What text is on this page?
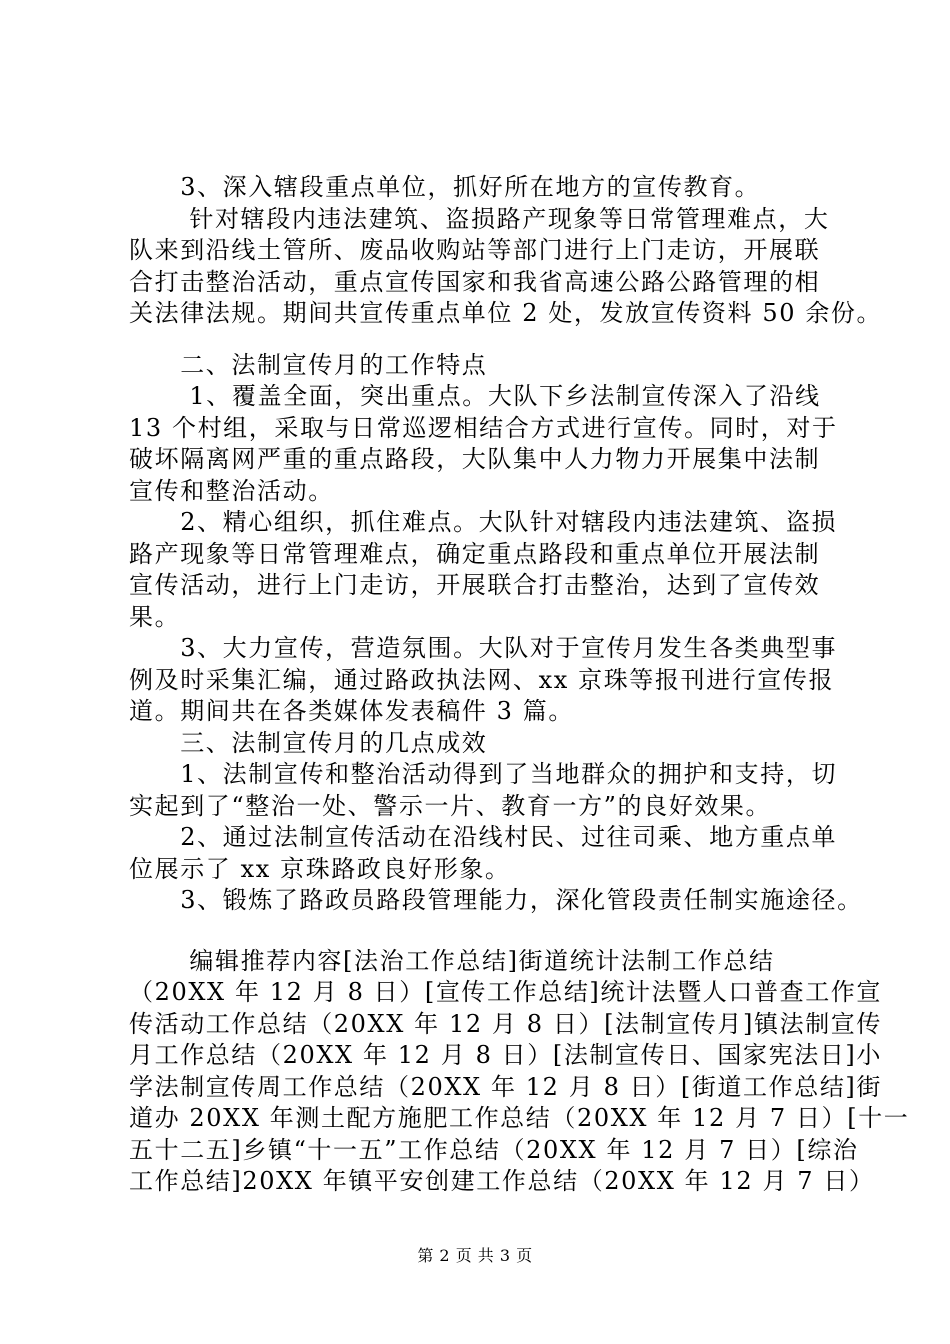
　　3、深入辖段重点单位，抓好所在地方的宣传教育。

　　 针对辖段内违法建筑、盗损路产现象等日常管理难点，大

队来到沿线土管所、废品收购站等部门进行上门走访，开展联

合打击整治活动，重点宣传国家和我省高速公路公路管理的相

关法律法规。期间共宣传重点单位 2 处，发放宣传资料 50 余份。

　　二、法制宣传月的工作特点

　　 1、覆盖全面，突出重点。大队下乡法制宣传深入了沿线

13 个村组，采取与日常巡逻相结合方式进行宣传。同时，对于

破坏隔离网严重的重点路段，大队集中人力物力开展集中法制

宣传和整治活动。

　　2、精心组织，抓住难点。大队针对辖段内违法建筑、盗损

路产现象等日常管理难点，确定重点路段和重点单位开展法制

宣传活动，进行上门走访，开展联合打击整治，达到了宣传效

果。

　　3、大力宣传，营造氛围。大队对于宣传月发生各类典型事

例及时采集汇编，通过路政执法网、xx 京珠等报刊进行宣传报

道。期间共在各类媒体发表稿件 3 篇。

　　三、法制宣传月的几点成效

　　1、法制宣传和整治活动得到了当地群众的拥护和支持，切

实起到了“整治一处、警示一片、教育一方”的良好效果。

　　2、通过法制宣传活动在沿线村民、过往司乘、地方重点单

位展示了 xx 京珠路政良好形象。

　　3、锻炼了路政员路段管理能力，深化管段责任制实施途径。

　　 编辑推荐内容[法治工作总结]街道统计法制工作总结

（20XX 年 12 月 8 日）[宣传工作总结]统计法暨人口普查工作宣

传活动工作总结（20XX 年 12 月 8 日）[法制宣传月]镇法制宣传

月工作总结（20XX 年 12 月 8 日）[法制宣传日、国家宪法日]小

学法制宣传周工作总结（20XX 年 12 月 8 日）[街道工作总结]街

道办 20XX 年测土配方施肥工作总结（20XX 年 12 月 7 日）[十一

五十二五]乡镇“十一五”工作总结（20XX 年 12 月 7 日）[综治

工作总结]20XX 年镇平安创建工作总结（20XX 年 12 月 7 日）

第 2 页 共 3 页
